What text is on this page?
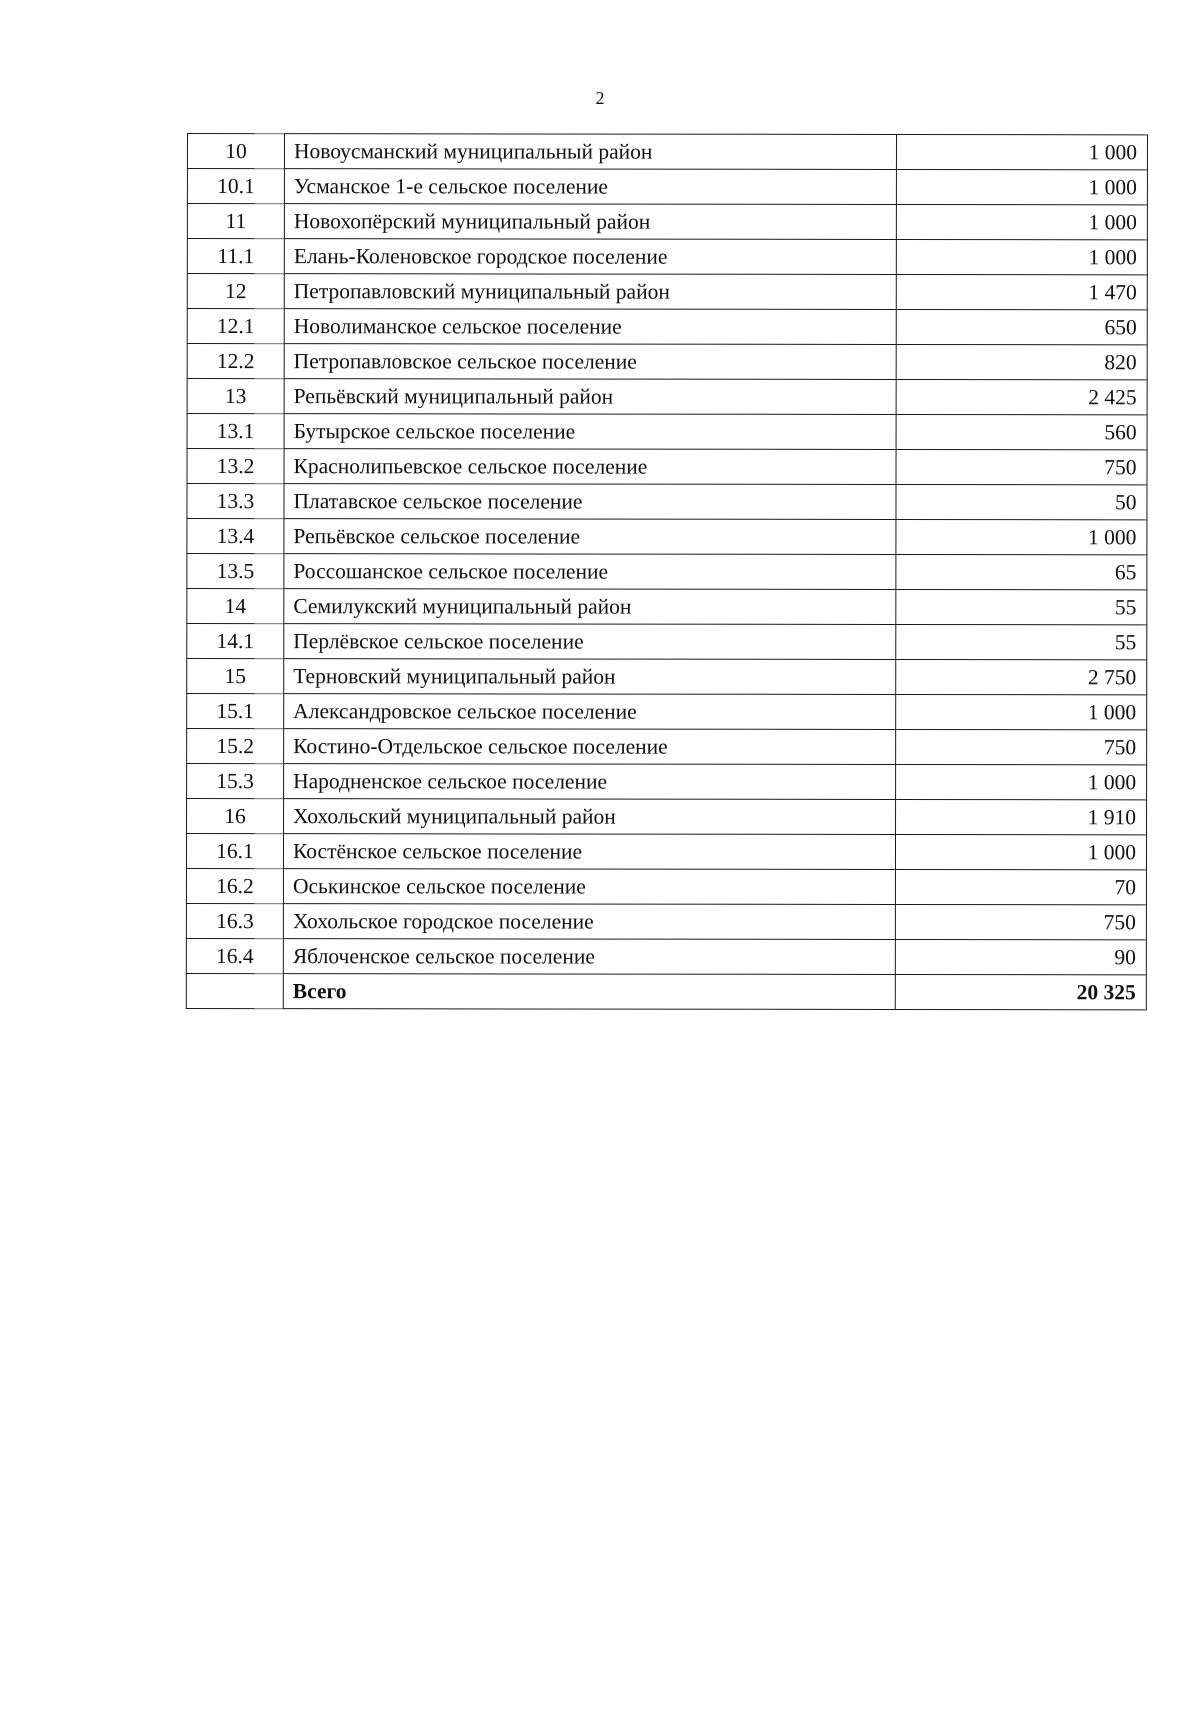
2
10	Новоусманский муниципальный район	1 000
10.1	Усманское 1-е сельское поселение	1 000
11	Новохопёрский муниципальный район	1 000
11.1	Елань-Коленовское городское поселение	1 000
12	Петропавловский муниципальный район	1 470
12.1	Новолиманское сельское поселение	650
12.2	Петропавловское сельское поселение	820
13	Репьёвский муниципальный район	2 425
13.1	Бутырское сельское поселение	560
13.2	Краснолипьевское сельское поселение	750
13.3	Платавское сельское поселение	50
13.4	Репьёвское сельское поселение	1 000
13.5	Россошанское сельское поселение	65
14	Семилукский муниципальный район	55
14.1	Перлёвское сельское поселение	55
15	Терновский муниципальный район	2 750
15.1	Александровское сельское поселение	1 000
15.2	Костино-Отдельское сельское поселение	750
15.3	Народненское сельское поселение	1 000
16	Хохольский муниципальный район	1 910
16.1	Костёнское сельское поселение	1 000
16.2	Оськинское сельское поселение	70
16.3	Хохольское городское поселение	750
16.4	Яблоченское сельское поселение	90
	Всего	20 325
